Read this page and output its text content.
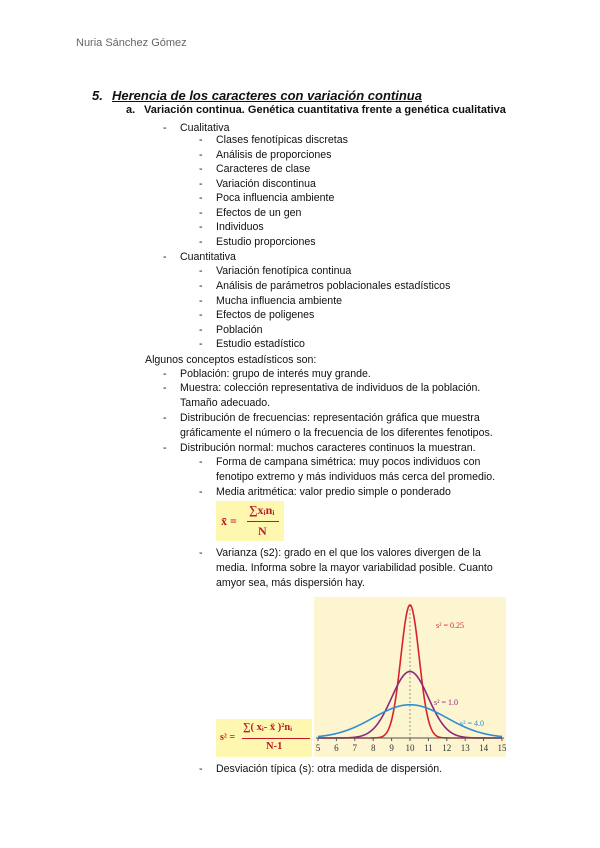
Nuria Sánchez Gómez
5. Herencia de los caracteres con variación continua
a. Variación continua. Genética cuantitativa frente a genética cualitativa
- Cualitativa
- Clases fenotípicas discretas
- Análisis de proporciones
- Caracteres de clase
- Variación discontinua
- Poca influencia ambiente
- Efectos de un gen
- Individuos
- Estudio proporciones
- Cuantitativa
- Variación fenotípica continua
- Análisis de parámetros poblacionales estadísticos
- Mucha influencia ambiente
- Efectos de poligenes
- Población
- Estudio estadístico
Algunos conceptos estadísticos son:
- Población: grupo de interés muy grande.
- Muestra: colección representativa de individuos de la población.
Tamaño adecuado.
- Distribución de frecuencias: representación gráfica que muestra
gráficamente el número o la frecuencia de los diferentes fenotipos.
- Distribución normal: muchos caracteres continuos la muestran.
- Forma de campana simétrica: muy pocos individuos con
fenotipo extremo y más individuos más cerca del promedio.
- Media aritmética: valor predio simple o ponderado
x̄ =
∑xᵢnᵢ
N
- Varianza (s2): grado en el que los valores divergen de la
media. Informa sobre la mayor variabilidad posible. Cuanto
amyor sea, más dispersión hay.
s² =
∑( xᵢ- x̄ )²nᵢ
N-1
s² = 0.25
s² = 1.0
s² = 4.0
5 6 7 8 9 10 11 12 13 14 15
- Desviación típica (s): otra medida de dispersión.
